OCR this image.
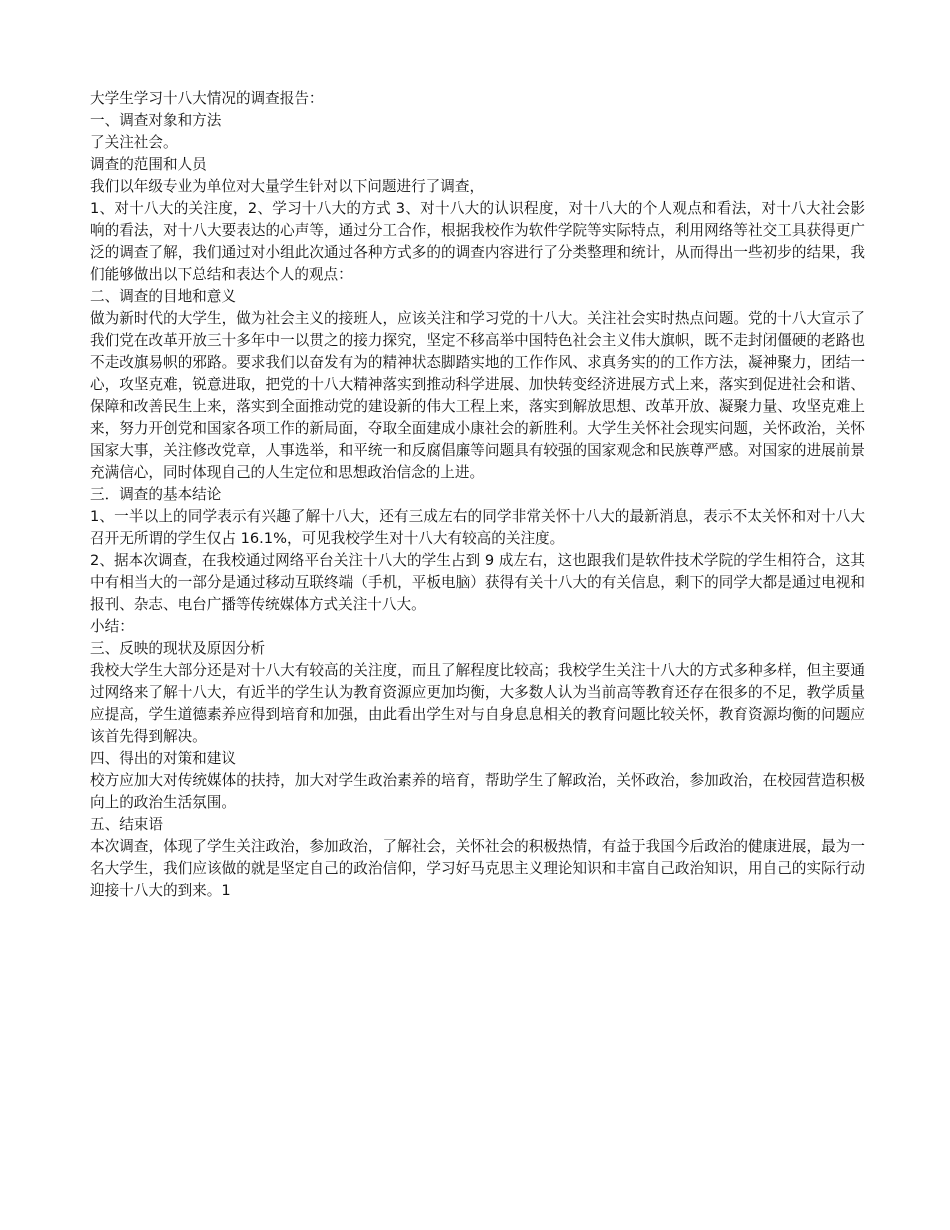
大学生学习十八大情况的调查报告：

一、调查对象和方法

了关注社会。

调查的范围和人员

我们以年级专业为单位对大量学生针对以下问题进行了调查，

1、对十八大的关注度，2、学习十八大的方式 3、对十八大的认识程度，对十八大的个人观点和看法，对十八大社会影响的看法，对十八大要表达的心声等，通过分工合作，根据我校作为软件学院等实际特点，利用网络等社交工具获得更广泛的调查了解，我们通过对小组此次通过各种方式多的的调查内容进行了分类整理和统计，从而得出一些初步的结果，我们能够做出以下总结和表达个人的观点：

二、调查的目地和意义

做为新时代的大学生，做为社会主义的接班人，应该关注和学习党的十八大。关注社会实时热点问题。党的十八大宣示了我们党在改革开放三十多年中一以贯之的接力探究，坚定不移高举中国特色社会主义伟大旗帜，既不走封闭僵硬的老路也不走改旗易帜的邪路。要求我们以奋发有为的精神状态脚踏实地的工作作风、求真务实的的工作方法，凝神聚力，团结一心，攻坚克难，锐意进取，把党的十八大精神落实到推动科学进展、加快转变经济进展方式上来，落实到促进社会和谐、保障和改善民生上来，落实到全面推动党的建设新的伟大工程上来，落实到解放思想、改革开放、凝聚力量、攻坚克难上来，努力开创党和国家各项工作的新局面，夺取全面建成小康社会的新胜利。大学生关怀社会现实问题，关怀政治，关怀国家大事，关注修改党章，人事选举，和平统一和反腐倡廉等问题具有较强的国家观念和民族尊严感。对国家的进展前景充满信心，同时体现自己的人生定位和思想政治信念的上进。

三．调查的基本结论

1、一半以上的同学表示有兴趣了解十八大，还有三成左右的同学非常关怀十八大的最新消息，表示不太关怀和对十八大召开无所谓的学生仅占 16.1%，可见我校学生对十八大有较高的关注度。

2、据本次调查，在我校通过网络平台关注十八大的学生占到 9 成左右，这也跟我们是软件技术学院的学生相符合，这其中有相当大的一部分是通过移动互联终端（手机，平板电脑）获得有关十八大的有关信息，剩下的同学大都是通过电视和报刊、杂志、电台广播等传统媒体方式关注十八大。

小结：

三、反映的现状及原因分析

我校大学生大部分还是对十八大有较高的关注度，而且了解程度比较高；我校学生关注十八大的方式多种多样，但主要通过网络来了解十八大，有近半的学生认为教育资源应更加均衡，大多数人认为当前高等教育还存在很多的不足，教学质量应提高，学生道德素养应得到培育和加强，由此看出学生对与自身息息相关的教育问题比较关怀，教育资源均衡的问题应该首先得到解决。

四、得出的对策和建议

校方应加大对传统媒体的扶持，加大对学生政治素养的培育，帮助学生了解政治，关怀政治，参加政治，在校园营造积极向上的政治生活氛围。

五、结束语

本次调查，体现了学生关注政治，参加政治，了解社会，关怀社会的积极热情，有益于我国今后政治的健康进展，最为一名大学生，我们应该做的就是坚定自己的政治信仰，学习好马克思主义理论知识和丰富自己政治知识，用自己的实际行动迎接十八大的到来。1
